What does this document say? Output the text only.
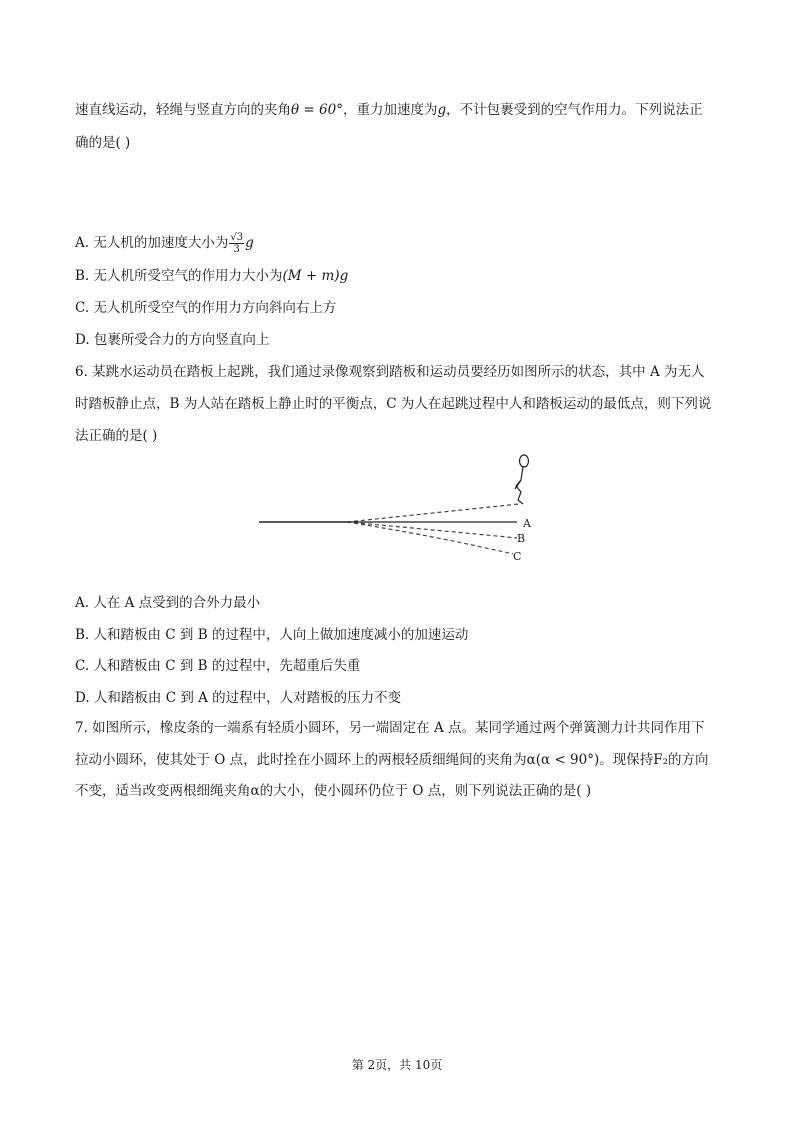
速直线运动，轻绳与竖直方向的夹角θ = 60°，重力加速度为g，不计包裹受到的空气作用力。下列说法正
确的是( )
A. 无人机的加速度大小为 $\frac{√3}{3}$ g
B. 无人机所受空气的作用力大小为(M + m)g
C. 无人机所受空气的作用力方向斜向右上方
D. 包裹所受合力的方向竖直向上
6. 某跳水运动员在踏板上起跳，我们通过录像观察到踏板和运动员要经历如图所示的状态，其中 A 为无人
时踏板静止点，B 为人站在踏板上静止时的平衡点，C 为人在起跳过程中人和踏板运动的最低点，则下列说
法正确的是( )
A
B
C
A. 人在 A 点受到的合外力最小
B. 人和踏板由 C 到 B 的过程中，人向上做加速度减小的加速运动
C. 人和踏板由 C 到 B 的过程中，先超重后失重
D. 人和踏板由 C 到 A 的过程中，人对踏板的压力不变
7. 如图所示，橡皮条的一端系有轻质小圆环，另一端固定在 A 点。某同学通过两个弹簧测力计共同作用下
拉动小圆环，使其处于 O 点，此时拴在小圆环上的两根轻质细绳间的夹角为α(α < 90°)。现保持F₂的方向
不变，适当改变两根细绳夹角α的大小，使小圆环仍位于 O 点，则下列说法正确的是( )
第 2页，共 10页
